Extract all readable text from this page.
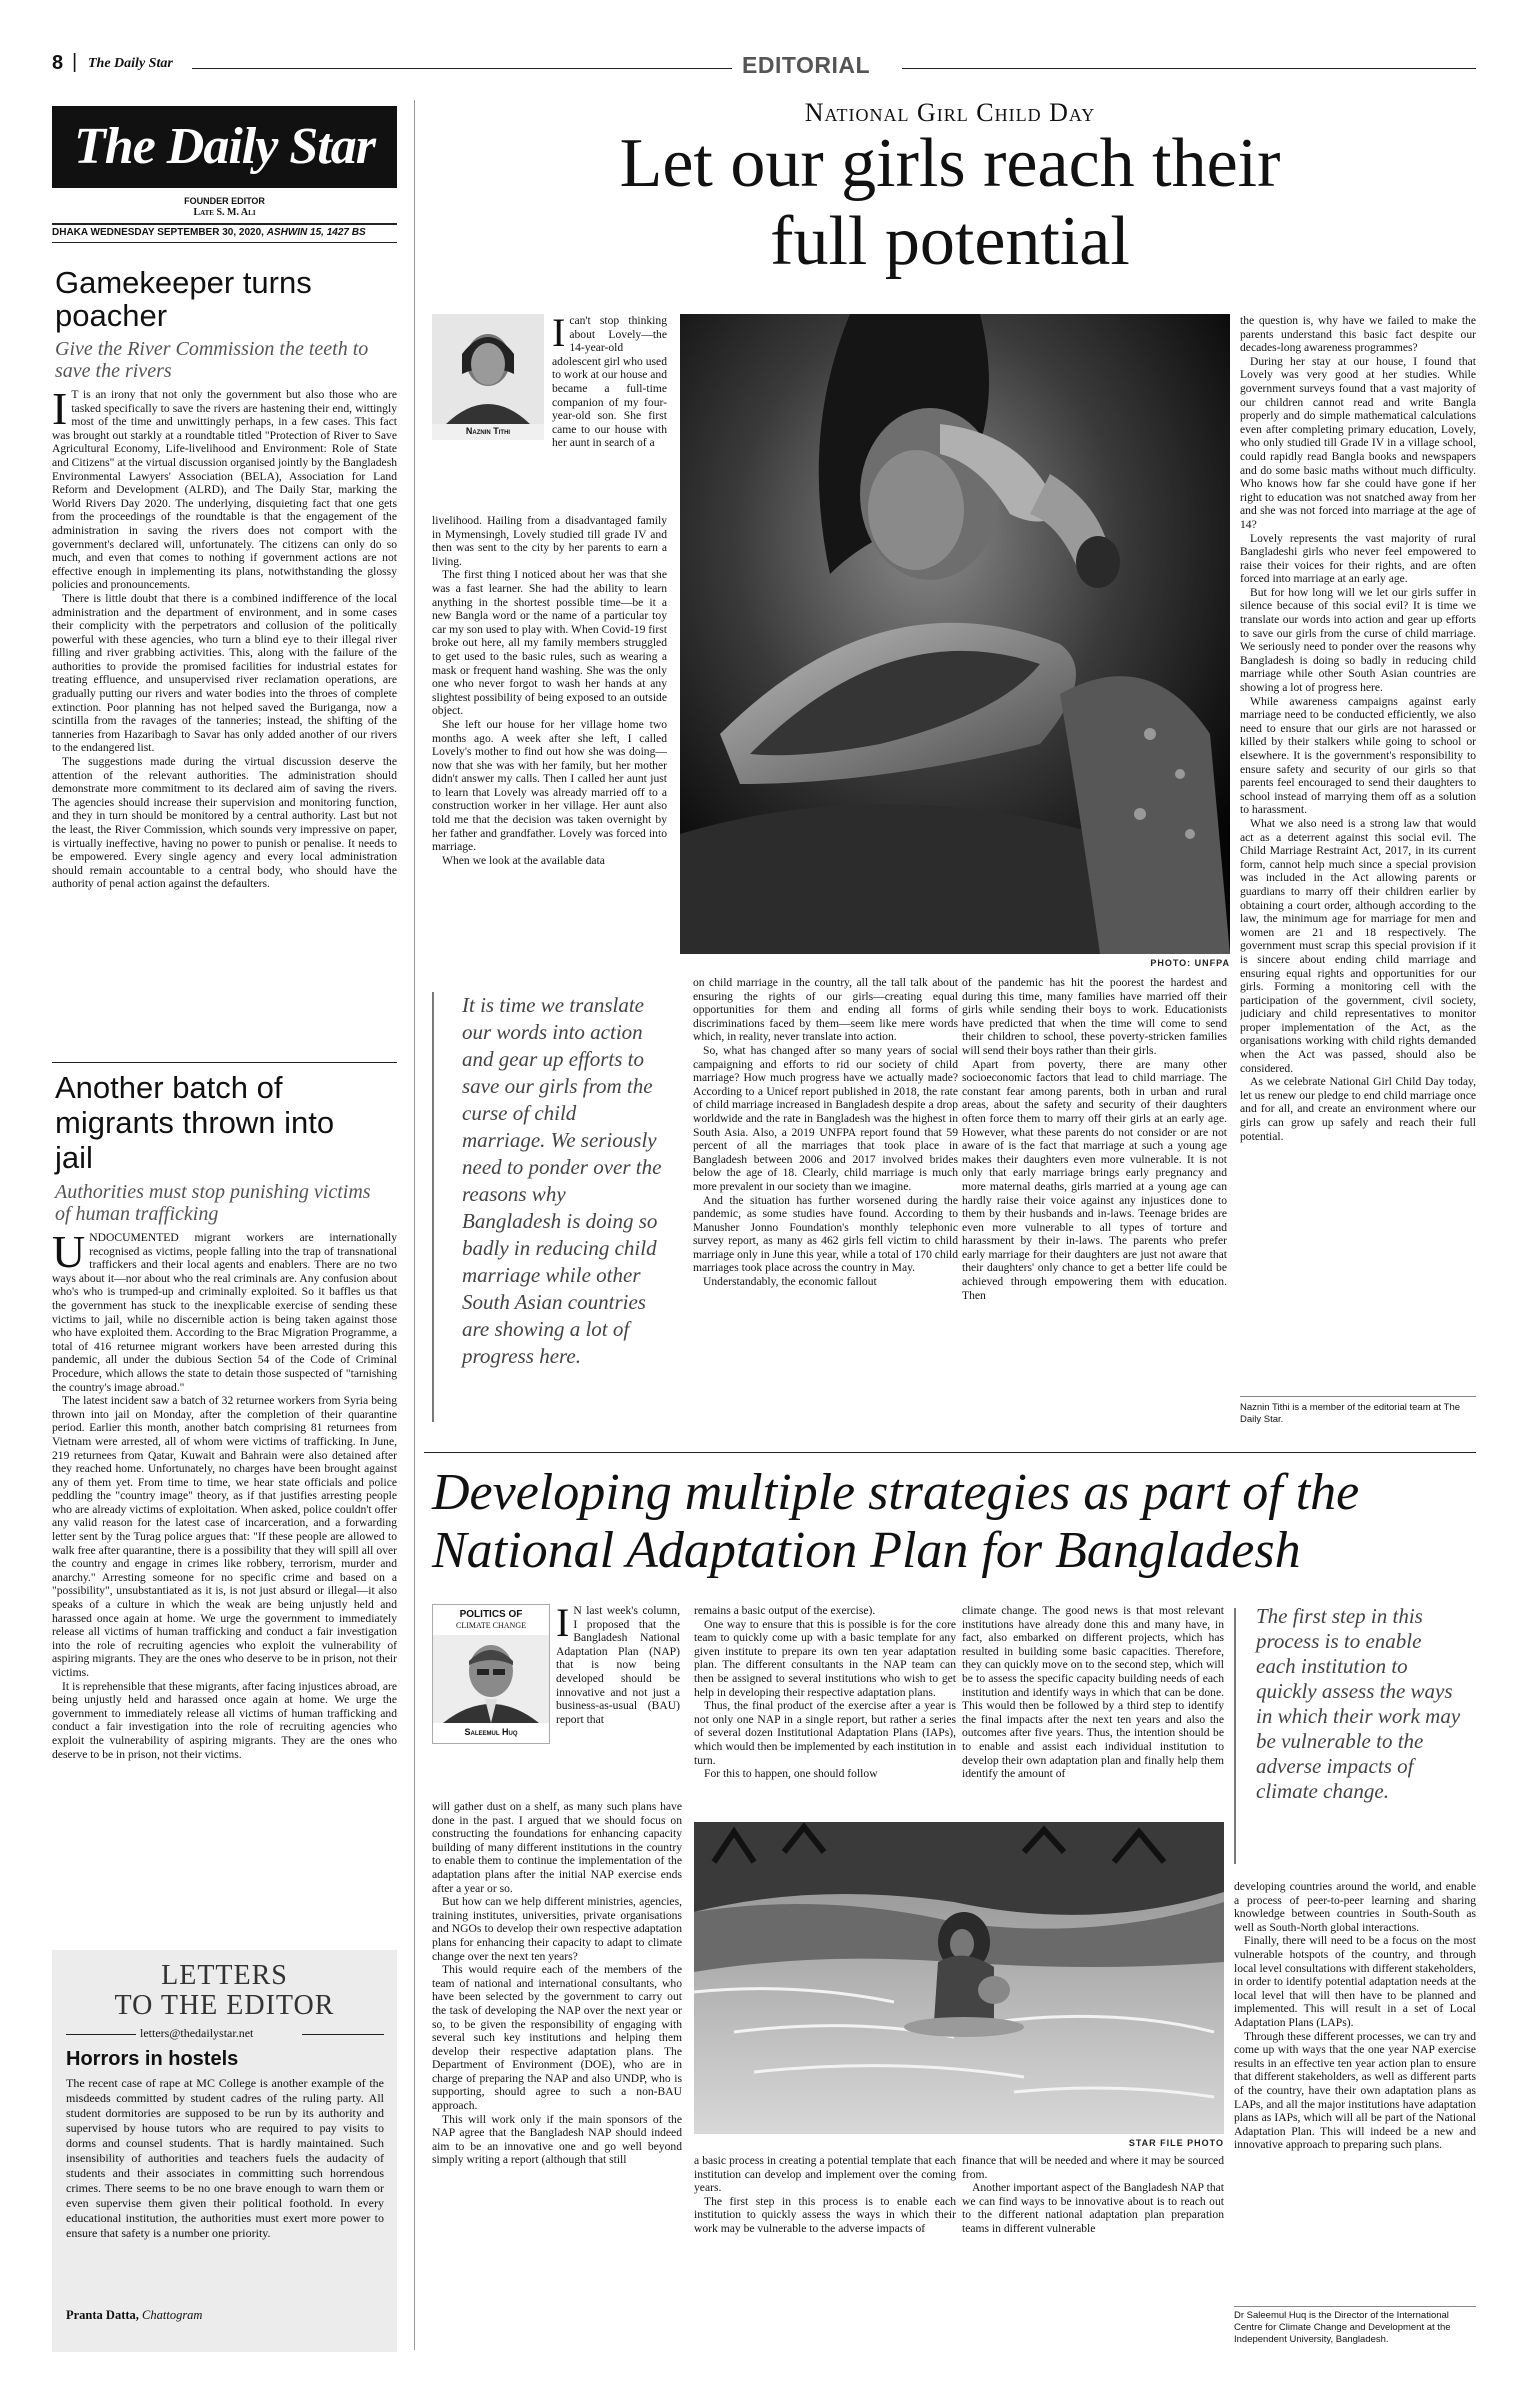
8 | The Daily Star	EDITORIAL
The Daily Star
FOUNDER EDITOR
Late S. M. Ali
DHAKA WEDNESDAY SEPTEMBER 30, 2020, ASHWIN 15, 1427 BS
Gamekeeper turns poacher
Give the River Commission the teeth to save the rivers
I T is an irony that not only the government but also those who are tasked specifically to save the rivers are hastening their end, wittingly most of the time and unwittingly perhaps, in a few cases. This fact was brought out starkly at a roundtable titled "Protection of River to Save Agricultural Economy, Life-livelihood and Environment: Role of State and Citizens" at the virtual discussion organised jointly by the Bangladesh Environmental Lawyers' Association (BELA), Association for Land Reform and Development (ALRD), and The Daily Star, marking the World Rivers Day 2020. The underlying, disquieting fact that one gets from the proceedings of the roundtable is that the engagement of the administration in saving the rivers does not comport with the government's declared will, unfortunately. The citizens can only do so much, and even that comes to nothing if government actions are not effective enough in implementing its plans, notwithstanding the glossy policies and pronouncements.

There is little doubt that there is a combined indifference of the local administration and the department of environment, and in some cases their complicity with the perpetrators and collusion of the politically powerful with these agencies, who turn a blind eye to their illegal river filling and river grabbing activities. This, along with the failure of the authorities to provide the promised facilities for industrial estates for treating effluence, and unsupervised river reclamation operations, are gradually putting our rivers and water bodies into the throes of complete extinction. Poor planning has not helped saved the Buriganga, now a scintilla from the ravages of the tanneries; instead, the shifting of the tanneries from Hazaribagh to Savar has only added another of our rivers to the endangered list.

The suggestions made during the virtual discussion deserve the attention of the relevant authorities. The administration should demonstrate more commitment to its declared aim of saving the rivers. The agencies should increase their supervision and monitoring function, and they in turn should be monitored by a central authority. Last but not the least, the River Commission, which sounds very impressive on paper, is virtually ineffective, having no power to punish or penalise. It needs to be empowered. Every single agency and every local administration should remain accountable to a central body, who should have the authority of penal action against the defaulters.

Another batch of migrants thrown into jail
Authorities must stop punishing victims of human trafficking
U NDOCUMENTED migrant workers are internationally recognised as victims, people falling into the trap of transnational traffickers and their local agents and enablers. There are no two ways about it—nor about who the real criminals are. Any confusion about who's who is trumped-up and criminally exploited. So it baffles us that the government has stuck to the inexplicable exercise of sending these victims to jail, while no discernible action is being taken against those who have exploited them. According to the Brac Migration Programme, a total of 416 returnee migrant workers have been arrested during this pandemic, all under the dubious Section 54 of the Code of Criminal Procedure, which allows the state to detain those suspected of "tarnishing the country's image abroad."

The latest incident saw a batch of 32 returnee workers from Syria being thrown into jail on Monday, after the completion of their quarantine period. Earlier this month, another batch comprising 81 returnees from Vietnam were arrested, all of whom were victims of trafficking. In June, 219 returnees from Qatar, Kuwait and Bahrain were also detained after they reached home. Unfortunately, no charges have been brought against any of them yet. From time to time, we hear state officials and police peddling the "country image" theory, as if that justifies arresting people who are already victims of exploitation. When asked, police couldn't offer any valid reason for the latest case of incarceration, and a forwarding letter sent by the Turag police argues that: "If these people are allowed to walk free after quarantine, there is a possibility that they will spill all over the country and engage in crimes like robbery, terrorism, murder and anarchy." Arresting someone for no specific crime and based on a "possibility", unsubstantiated as it is, is not just absurd or illegal—it also speaks of a culture in which the weak are being unjustly held and harassed once again at home. We urge the government to immediately release all victims of human trafficking and conduct a fair investigation into the role of recruiting agencies who exploit the vulnerability of aspiring migrants. They are the ones who deserve to be in prison, not their victims.

It is reprehensible that these migrants, after facing injustices abroad, are being unjustly held and harassed once again at home. We urge the government to immediately release all victims of human trafficking and conduct a fair investigation into the role of recruiting agencies who exploit the vulnerability of aspiring migrants. They are the ones who deserve to be in prison, not their victims.

LETTERS
TO THE EDITOR
letters@thedailystar.net
Horrors in hostels
The recent case of rape at MC College is another example of the misdeeds committed by student cadres of the ruling party. All student dormitories are supposed to be run by its authority and supervised by house tutors who are required to pay visits to dorms and counsel students. That is hardly maintained. Such insensibility of authorities and teachers fuels the audacity of students and their associates in committing such horrendous crimes. There seems to be no one brave enough to warn them or even supervise them given their political foothold. In every educational institution, the authorities must exert more power to ensure that safety is a number one priority.
Pranta Datta, Chattogram
National Girl Child Day
Let our girls reach their
full potential
Naznin Tithi
I can't stop thinking about Lovely—the 14-year-old adolescent girl who used to work at our house and became a full-time companion of my four-year-old son. She first came to our house with her aunt in search of a

livelihood. Hailing from a disadvantaged family in Mymensingh, Lovely studied till grade IV and then was sent to the city by her parents to earn a living.

The first thing I noticed about her was that she was a fast learner. She had the ability to learn anything in the shortest possible time—be it a new Bangla word or the name of a particular toy car my son used to play with. When Covid-19 first broke out here, all my family members struggled to get used to the basic rules, such as wearing a mask or frequent hand washing. She was the only one who never forgot to wash her hands at any slightest possibility of being exposed to an outside object.

She left our house for her village home two months ago. A week after she left, I called Lovely's mother to find out how she was doing—now that she was with her family, but her mother didn't answer my calls. Then I called her aunt just to learn that Lovely was already married off to a construction worker in her village. Her aunt also told me that the decision was taken overnight by her father and grandfather. Lovely was forced into marriage.

When we look at the available data

PHOTO: UNFPA
It is time we translate our words into action and gear up efforts to save our girls from the curse of child marriage. We seriously need to ponder over the reasons why Bangladesh is doing so badly in reducing child marriage while other South Asian countries are showing a lot of progress here.

on child marriage in the country, all the tall talk about ensuring the rights of our girls—creating equal opportunities for them and ending all forms of discriminations faced by them—seem like mere words which, in reality, never translate into action.

So, what has changed after so many years of social campaigning and efforts to rid our society of child marriage? How much progress have we actually made? According to a Unicef report published in 2018, the rate of child marriage increased in Bangladesh despite a drop worldwide and the rate in Bangladesh was the highest in South Asia. Also, a 2019 UNFPA report found that 59 percent of all the marriages that took place in Bangladesh between 2006 and 2017 involved brides below the age of 18. Clearly, child marriage is much more prevalent in our society than we imagine.

And the situation has further worsened during the pandemic, as some studies have found. According to Manusher Jonno Foundation's monthly telephonic survey report, as many as 462 girls fell victim to child marriage only in June this year, while a total of 170 child marriages took place across the country in May.

Understandably, the economic fallout

of the pandemic has hit the poorest the hardest and during this time, many families have married off their girls while sending their boys to work. Educationists have predicted that when the time will come to send their children to school, these poverty-stricken families will send their boys rather than their girls.

Apart from poverty, there are many other socioeconomic factors that lead to child marriage. The constant fear among parents, both in urban and rural areas, about the safety and security of their daughters often force them to marry off their girls at an early age. However, what these parents do not consider or are not aware of is the fact that marriage at such a young age makes their daughters even more vulnerable. It is not only that early marriage brings early pregnancy and more maternal deaths, girls married at a young age can hardly raise their voice against any injustices done to them by their husbands and in-laws. Teenage brides are even more vulnerable to all types of torture and harassment by their in-laws. The parents who prefer early marriage for their daughters are just not aware that their daughters' only chance to get a better life could be achieved through empowering them with education. Then

the question is, why have we failed to make the parents understand this basic fact despite our decades-long awareness programmes?

During her stay at our house, I found that Lovely was very good at her studies. While government surveys found that a vast majority of our children cannot read and write Bangla properly and do simple mathematical calculations even after completing primary education, Lovely, who only studied till Grade IV in a village school, could rapidly read Bangla books and newspapers and do some basic maths without much difficulty. Who knows how far she could have gone if her right to education was not snatched away from her and she was not forced into marriage at the age of 14?

Lovely represents the vast majority of rural Bangladeshi girls who never feel empowered to raise their voices for their rights, and are often forced into marriage at an early age.

But for how long will we let our girls suffer in silence because of this social evil? It is time we translate our words into action and gear up efforts to save our girls from the curse of child marriage. We seriously need to ponder over the reasons why Bangladesh is doing so badly in reducing child marriage while other South Asian countries are showing a lot of progress here.

While awareness campaigns against early marriage need to be conducted efficiently, we also need to ensure that our girls are not harassed or killed by their stalkers while going to school or elsewhere. It is the government's responsibility to ensure safety and security of our girls so that parents feel encouraged to send their daughters to school instead of marrying them off as a solution to harassment.

What we also need is a strong law that would act as a deterrent against this social evil. The Child Marriage Restraint Act, 2017, in its current form, cannot help much since a special provision was included in the Act allowing parents or guardians to marry off their children earlier by obtaining a court order, although according to the law, the minimum age for marriage for men and women are 21 and 18 respectively. The government must scrap this special provision if it is sincere about ending child marriage and ensuring equal rights and opportunities for our girls. Forming a monitoring cell with the participation of the government, civil society, judiciary and child representatives to monitor proper implementation of the Act, as the organisations working with child rights demanded when the Act was passed, should also be considered.

As we celebrate National Girl Child Day today, let us renew our pledge to end child marriage once and for all, and create an environment where our girls can grow up safely and reach their full potential.

Naznin Tithi is a member of the editorial team at The Daily Star.
Developing multiple strategies as part of the
National Adaptation Plan for Bangladesh
POLITICS OF
CLIMATE CHANGE
Saleemul Huq
I N last week's column, I proposed that the Bangladesh National Adaptation Plan (NAP) that is now being developed should be innovative and not just a business-as-usual (BAU) report that

will gather dust on a shelf, as many such plans have done in the past. I argued that we should focus on constructing the foundations for enhancing capacity building of many different institutions in the country to enable them to continue the implementation of the adaptation plans after the initial NAP exercise ends after a year or so.

But how can we help different ministries, agencies, training institutes, universities, private organisations and NGOs to develop their own respective adaptation plans for enhancing their capacity to adapt to climate change over the next ten years?

This would require each of the members of the team of national and international consultants, who have been selected by the government to carry out the task of developing the NAP over the next year or so, to be given the responsibility of engaging with several such key institutions and helping them develop their respective adaptation plans. The Department of Environment (DOE), who are in charge of preparing the NAP and also UNDP, who is supporting, should agree to such a non-BAU approach.

This will work only if the main sponsors of the NAP agree that the Bangladesh NAP should indeed aim to be an innovative one and go well beyond simply writing a report (although that still

remains a basic output of the exercise).

One way to ensure that this is possible is for the core team to quickly come up with a basic template for any given institute to prepare its own ten year adaptation plan. The different consultants in the NAP team can then be assigned to several institutions who wish to get help in developing their respective adaptation plans.

Thus, the final product of the exercise after a year is not only one NAP in a single report, but rather a series of several dozen Institutional Adaptation Plans (IAPs), which would then be implemented by each institution in turn.

For this to happen, one should follow

climate change. The good news is that most relevant institutions have already done this and many have, in fact, also embarked on different projects, which has resulted in building some basic capacities. Therefore, they can quickly move on to the second step, which will be to assess the specific capacity building needs of each institution and identify ways in which that can be done. This would then be followed by a third step to identify the final impacts after the next ten years and also the outcomes after five years. Thus, the intention should be to enable and assist each individual institution to develop their own adaptation plan and finally help them identify the amount of

The first step in this process is to enable each institution to quickly assess the ways in which their work may be vulnerable to the adverse impacts of climate change.
STAR FILE PHOTO

a basic process in creating a potential template that each institution can develop and implement over the coming years.

The first step in this process is to enable each institution to quickly assess the ways in which their work may be vulnerable to the adverse impacts of

finance that will be needed and where it may be sourced from.

Another important aspect of the Bangladesh NAP that we can find ways to be innovative about is to reach out to the different national adaptation plan preparation teams in different vulnerable

developing countries around the world, and enable a process of peer-to-peer learning and sharing knowledge between countries in South-South as well as South-North global interactions.

Finally, there will need to be a focus on the most vulnerable hotspots of the country, and through local level consultations with different stakeholders, in order to identify potential adaptation needs at the local level that will then have to be planned and implemented. This will result in a set of Local Adaptation Plans (LAPs).

Through these different processes, we can try and come up with ways that the one year NAP exercise results in an effective ten year action plan to ensure that different stakeholders, as well as different parts of the country, have their own adaptation plans as LAPs, and all the major institutions have adaptation plans as IAPs, which will all be part of the National Adaptation Plan. This will indeed be a new and innovative approach to preparing such plans.

Dr Saleemul Huq is the Director of the International Centre for Climate Change and Development at the Independent University, Bangladesh.
